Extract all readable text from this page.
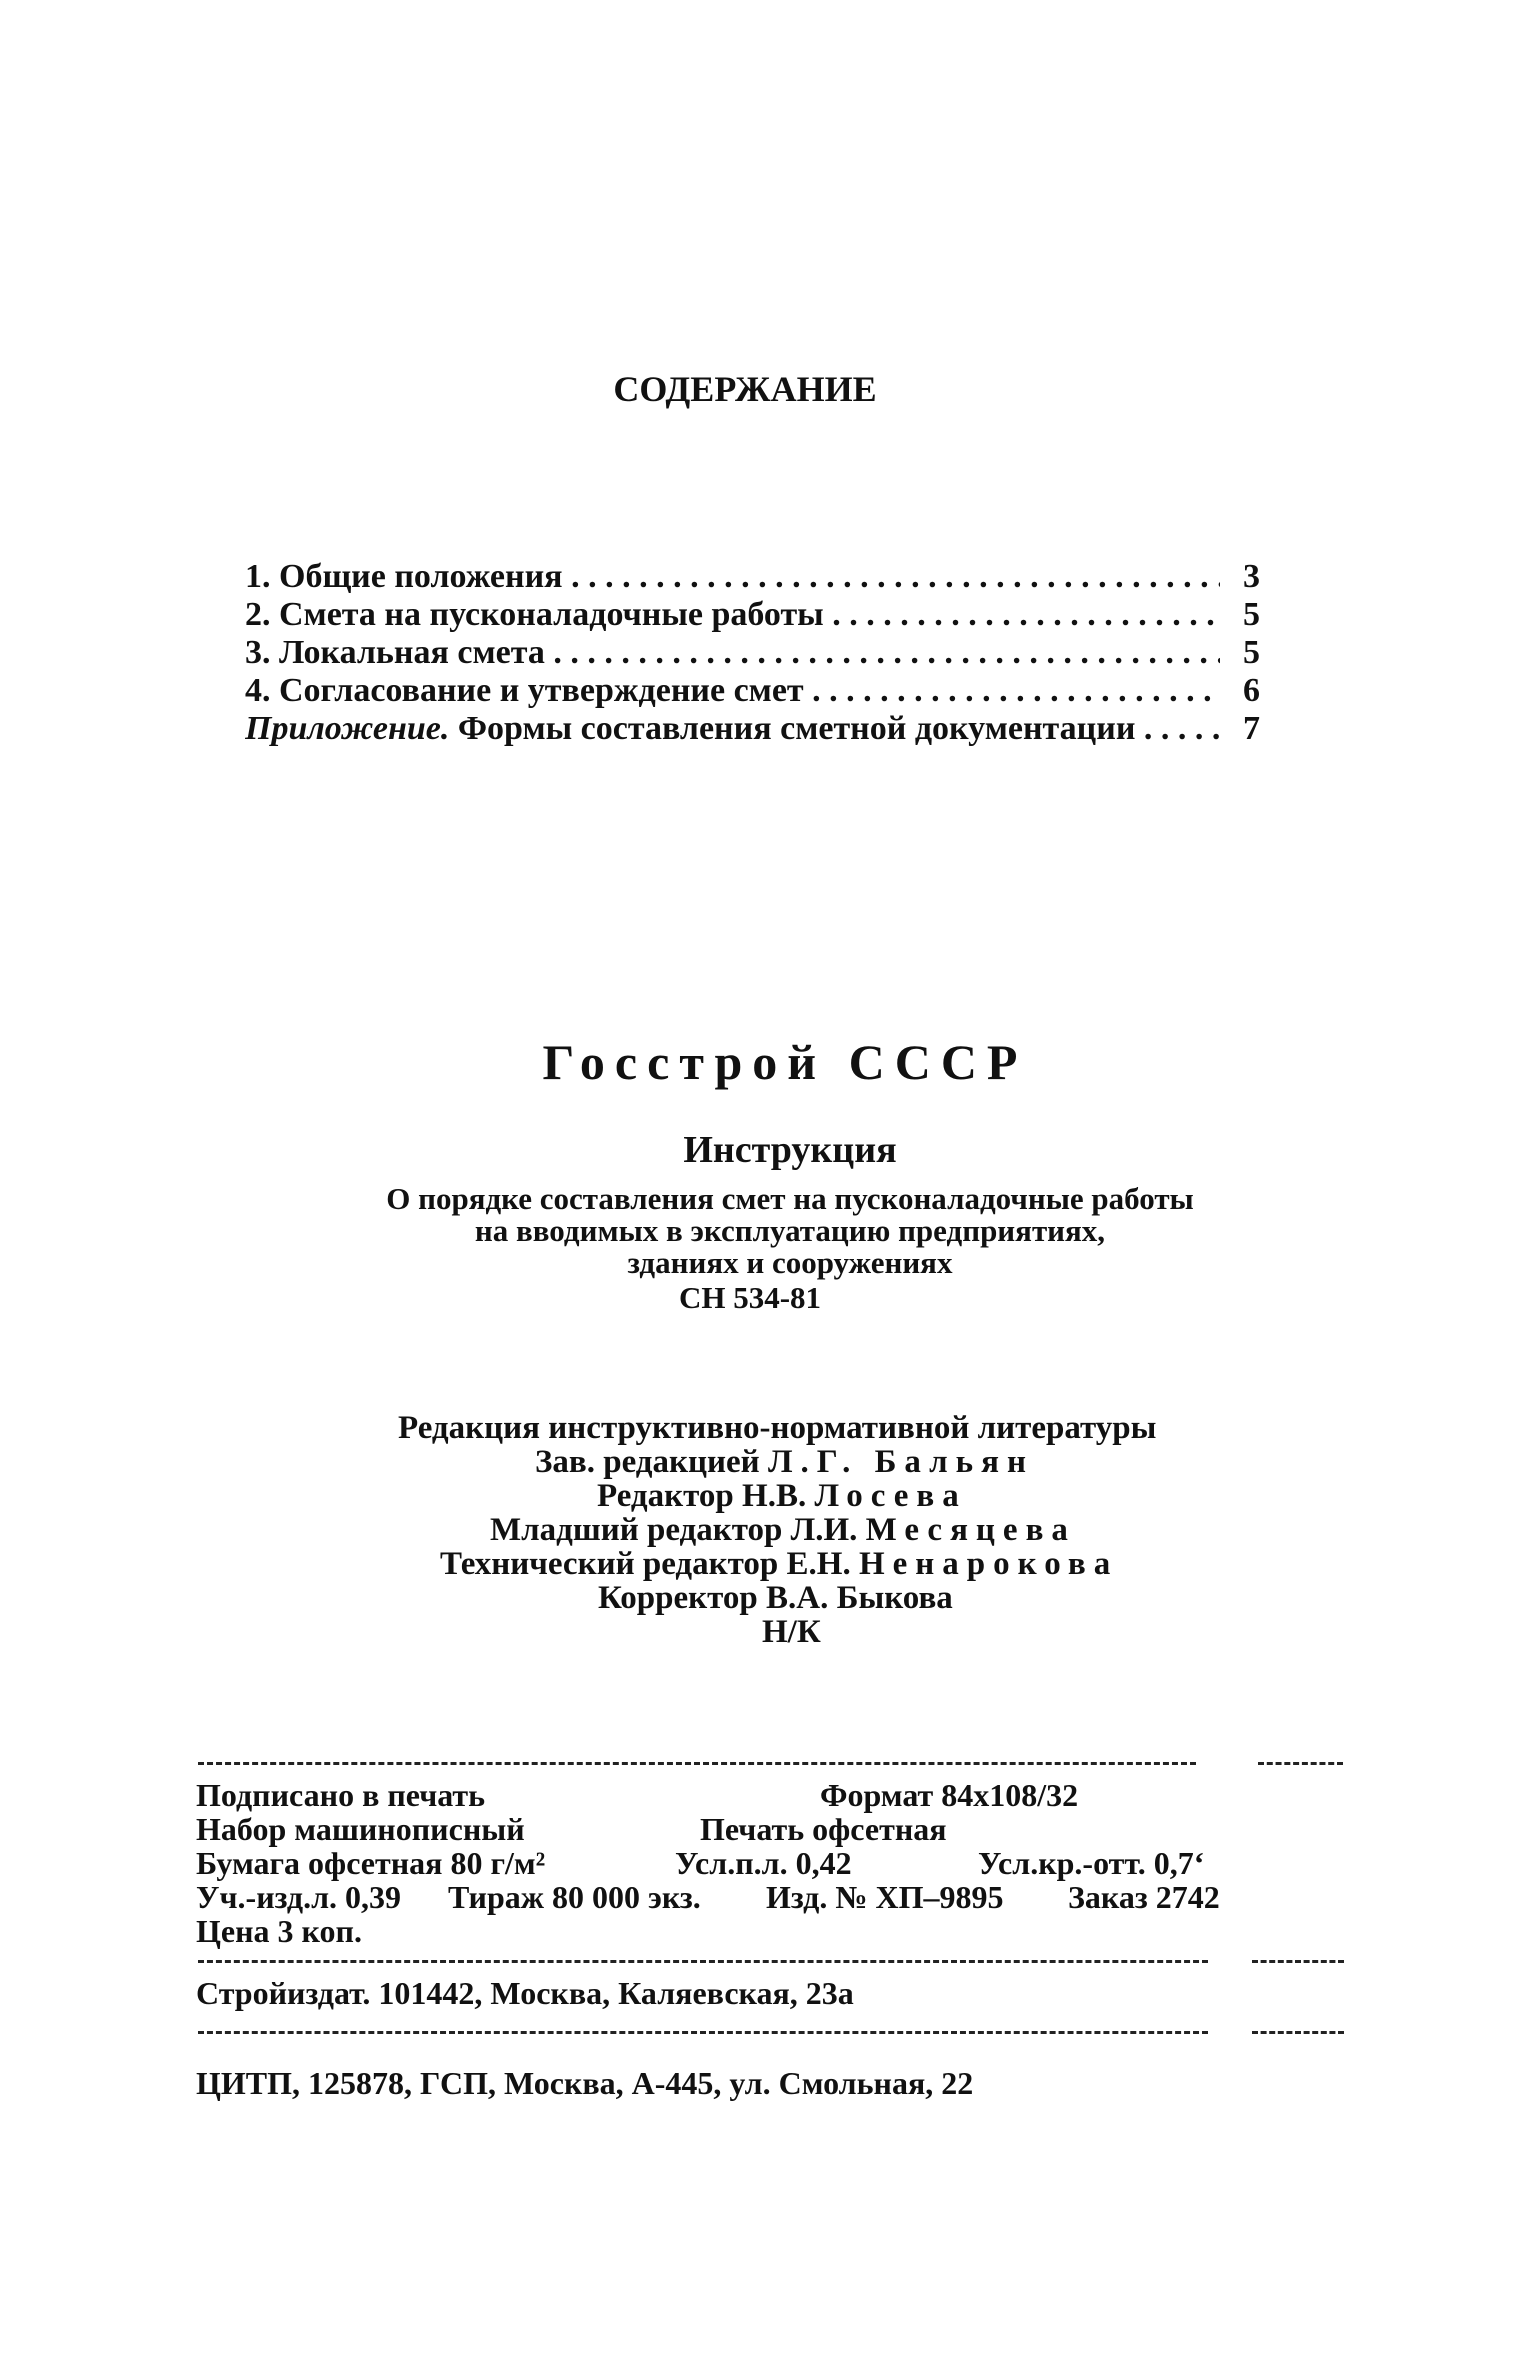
СОДЕРЖАНИЕ
1. Общие положения . . .	3
2. Смета на пусконаладочные работы . . .	5
3. Локальная смета . . .	5
4. Согласование и утверждение смет . . .	6
Приложение. Формы составления сметной документации . . .	7
Госстрой СССР
Инструкция
О порядке составления смет на пусконаладочные работы
на вводимых в эксплуатацию предприятиях,
зданиях и сооружениях
СН 534-81
Редакция инструктивно-нормативной литературы
Зав. редакцией Л.Г. Бальян
Редактор Н.В. Лосева
Младший редактор Л.И. Месяцева
Технический редактор Е.Н. Ненарокова
Корректор В.А. Быкова
Н/К
Подписано в печать	Формат 84х108/32
Набор машинописный	Печать офсетная
Бумага офсетная 80 г/м²	Усл.п.л. 0,42	Усл.кр.-отт. 0,7ʻ
Уч.-изд.л. 0,39 Тираж 80 000 экз. Изд. № ХП–9895 Заказ 2742
Цена 3 коп.
Стройиздат. 101442, Москва, Каляевская, 23а
ЦИТП, 125878, ГСП, Москва, А-445, ул. Смольная, 22
